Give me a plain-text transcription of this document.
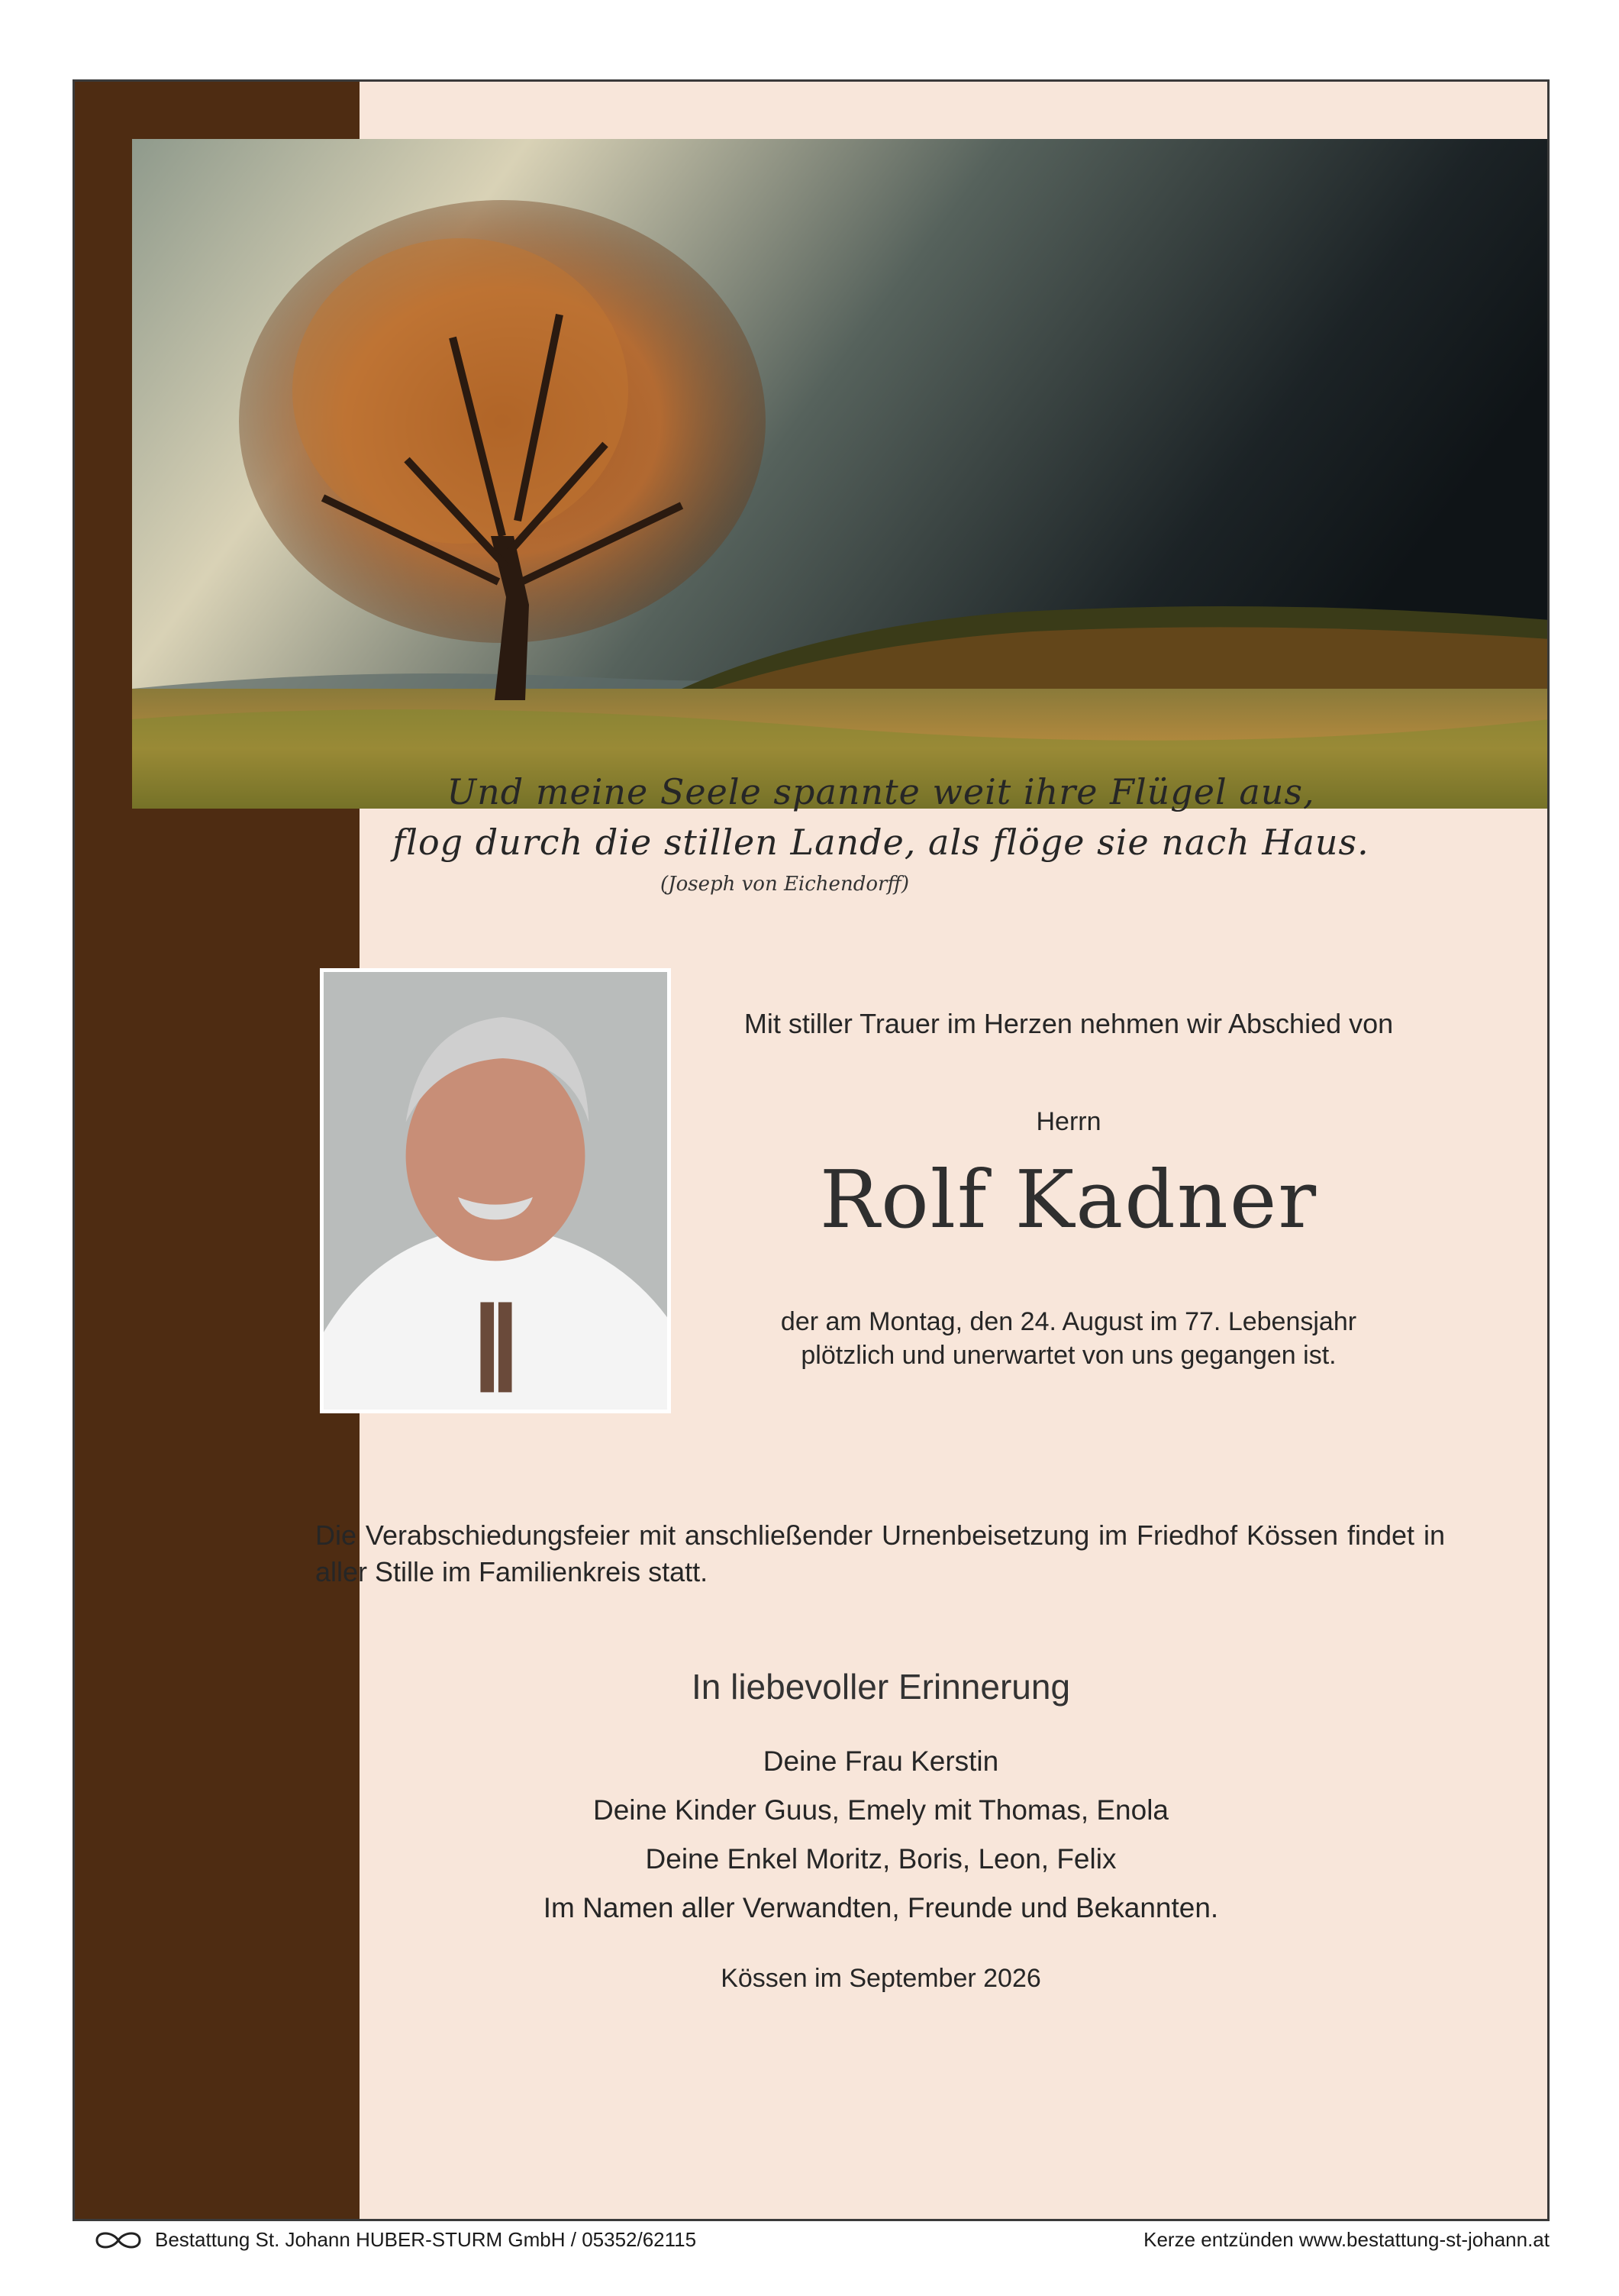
Und meine Seele spannte weit ihre Flügel aus,
flog durch die stillen Lande, als flöge sie nach Haus.
(Joseph von Eichendorff)
Mit stiller Trauer im Herzen nehmen wir Abschied von
Herrn
Rolf Kadner
der am Montag, den 24. August im 77. Lebensjahr
plötzlich und unerwartet von uns gegangen ist.
Die Verabschiedungsfeier mit anschließender Urnenbeisetzung im Friedhof Kössen findet in aller Stille im Familienkreis statt.
In liebevoller Erinnerung
Deine Frau Kerstin
Deine Kinder Guus, Emely mit Thomas, Enola
Deine Enkel Moritz, Boris, Leon, Felix
Im Namen aller Verwandten, Freunde und Bekannten.
Kössen im September 2026
Bestattung St. Johann HUBER-STURM GmbH / 05352/62115	Kerze entzünden www.bestattung-st-johann.at
